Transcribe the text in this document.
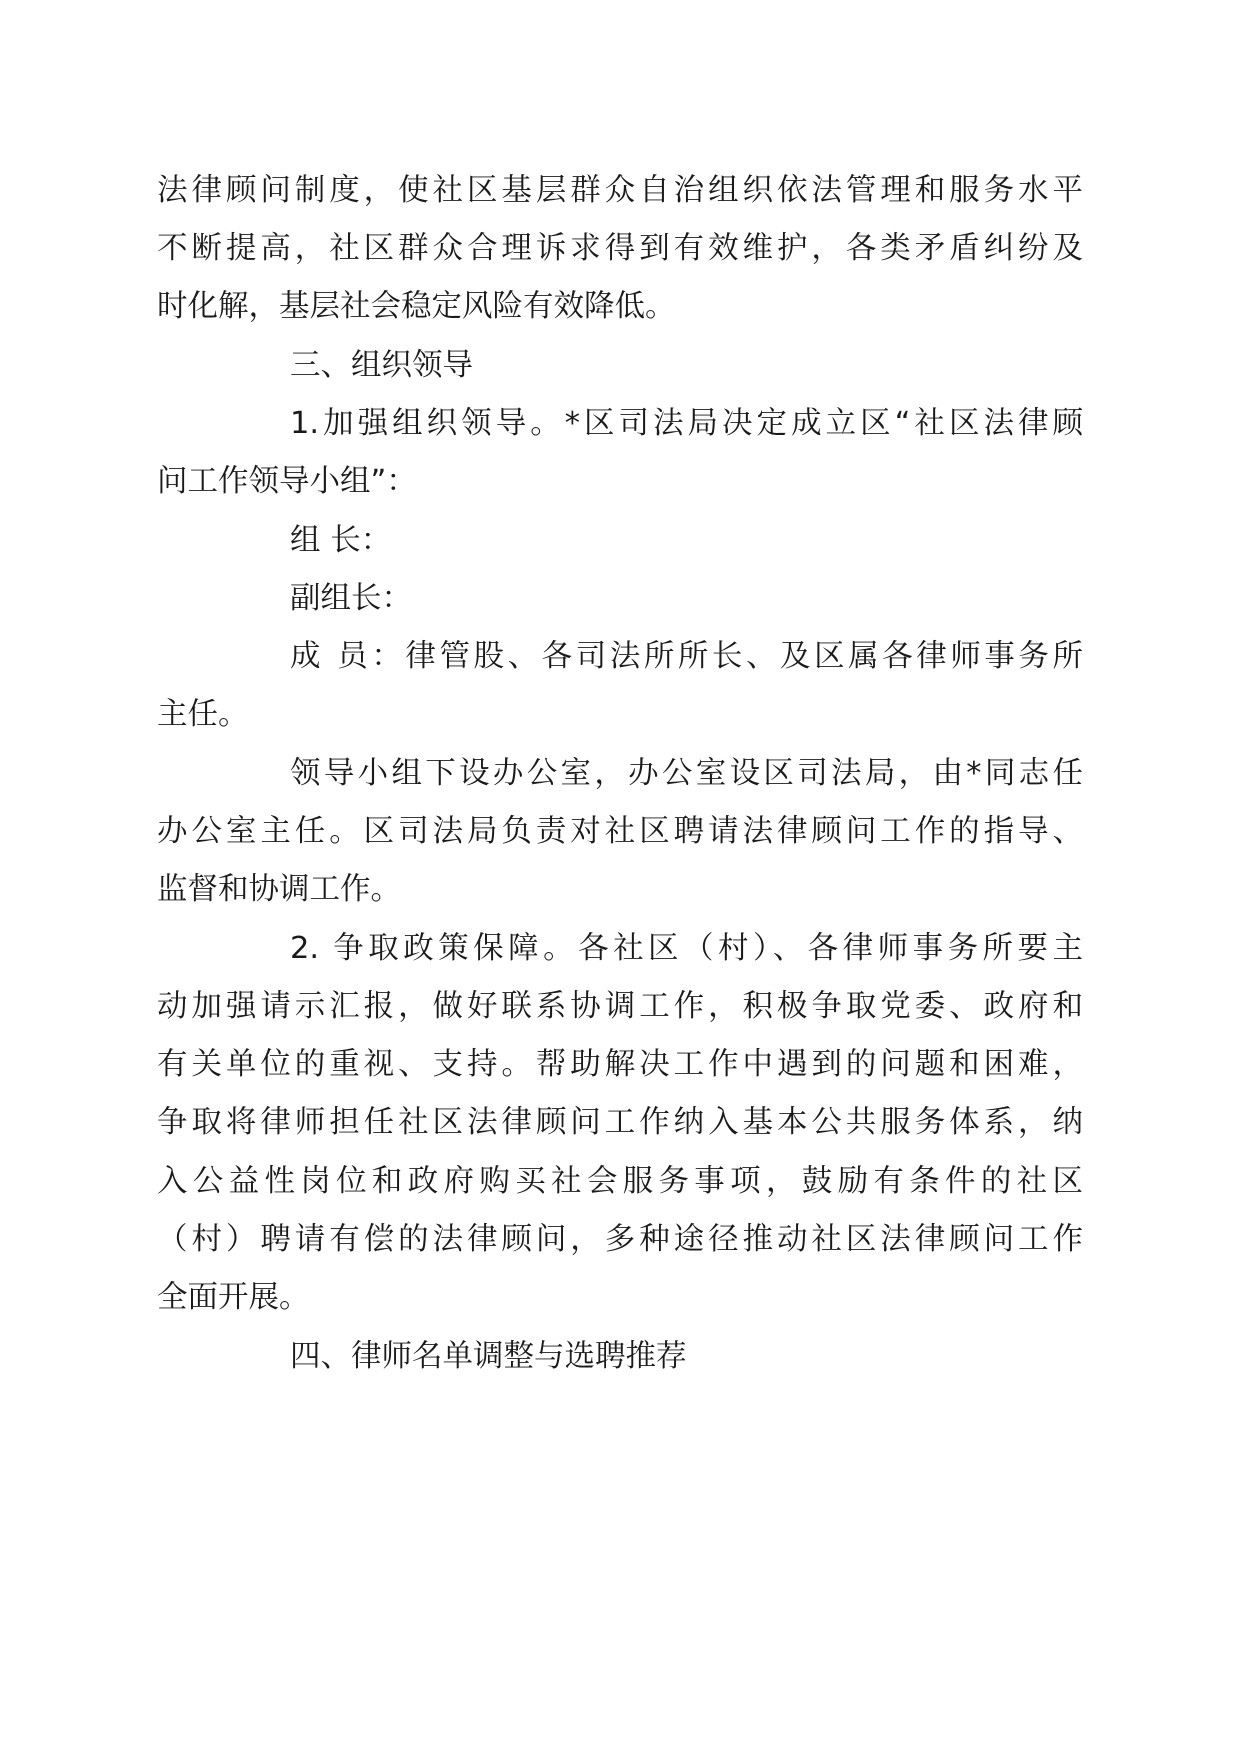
法律顾问制度，使社区基层群众自治组织依法管理和服务水平
不断提高，社区群众合理诉求得到有效维护，各类矛盾纠纷及
时化解，基层社会稳定风险有效降低。
三、组织领导
1.加强组织领导。*区司法局决定成立区“社区法律顾
问工作领导小组”：
组 长：
副组长：
成 员：律管股、各司法所所长、及区属各律师事务所
主任。
领导小组下设办公室，办公室设区司法局，由*同志任
办公室主任。区司法局负责对社区聘请法律顾问工作的指导、
监督和协调工作。
2. 争取政策保障。各社区（村）、各律师事务所要主
动加强请示汇报，做好联系协调工作，积极争取党委、政府和
有关单位的重视、支持。帮助解决工作中遇到的问题和困难，
争取将律师担任社区法律顾问工作纳入基本公共服务体系，纳
入公益性岗位和政府购买社会服务事项，鼓励有条件的社区
（村）聘请有偿的法律顾问，多种途径推动社区法律顾问工作
全面开展。
四、律师名单调整与选聘推荐
